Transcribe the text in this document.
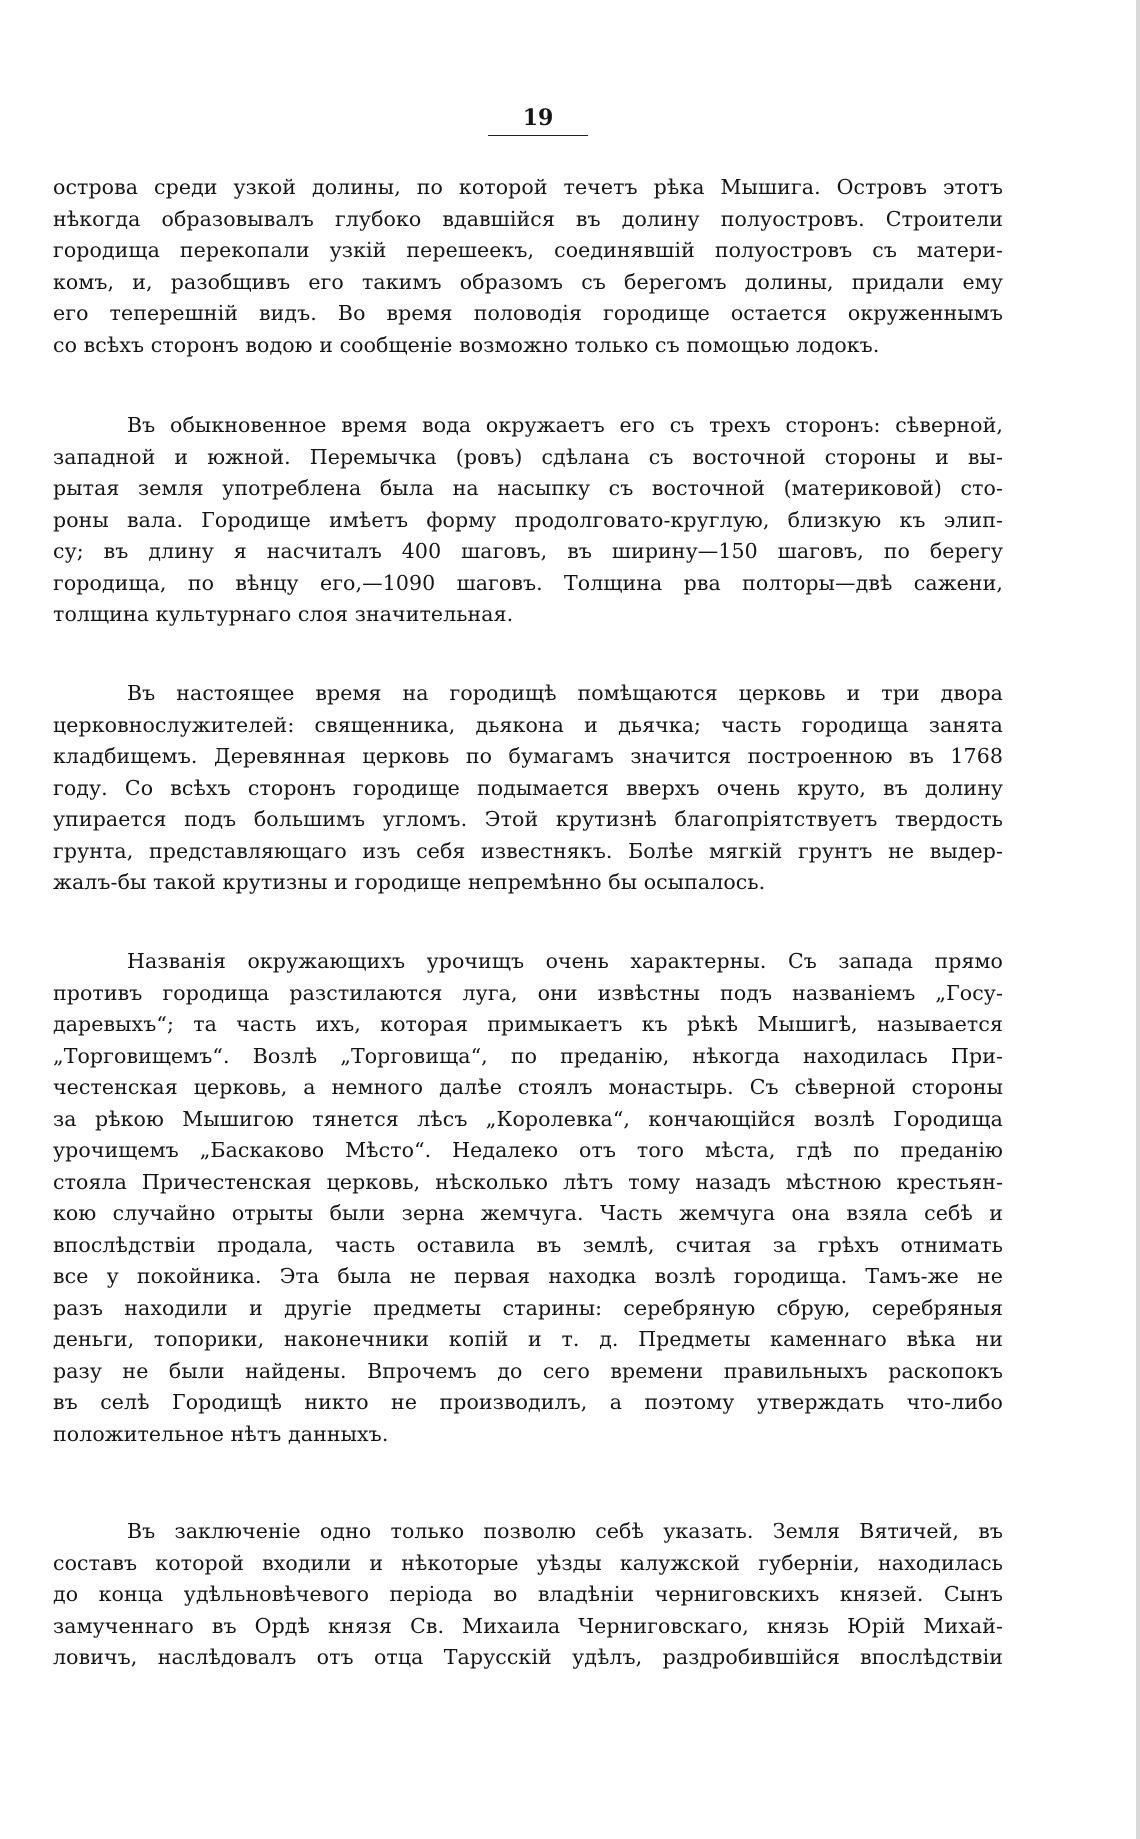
19
острова среди узкой долины, по которой течетъ рѣка Мышига. Островъ этотъ
нѣкогда образовывалъ глубоко вдавшiйся въ долину полуостровъ. Строители
городища перекопали узкiй перешеекъ, соединявшiй полуостровъ съ матери-
комъ, и, разобщивъ его такимъ образомъ съ берегомъ долины, придали ему
его теперешнiй видъ. Во время половодiя городище остается окруженнымъ
со всѣхъ сторонъ водою и сообщенiе возможно только съ помощью лодокъ.
Въ обыкновенное время вода окружаетъ его съ трехъ сторонъ: сѣверной,
западной и южной. Перемычка (ровъ) сдѣлана съ восточной стороны и вы-
рытая земля употреблена была на насыпку съ восточной (материковой) сто-
роны вала. Городище имѣетъ форму продолговато-круглую, близкую къ элип-
су; въ длину я насчиталъ 400 шаговъ, въ ширину—150 шаговъ, по берегу
городища, по вѣнцу его,—1090 шаговъ. Толщина рва полторы—двѣ сажени,
толщина культурнаго слоя значительная.
Въ настоящее время на городищѣ помѣщаются церковь и три двора
церковнослужителей: священника, дьякона и дьячка; часть городища занята
кладбищемъ. Деревянная церковь по бумагамъ значится построенною въ 1768
году. Со всѣхъ сторонъ городище подымается вверхъ очень круто, въ долину
упирается подъ большимъ угломъ. Этой крутизнѣ благопрiятствуетъ твердость
грунта, представляющаго изъ себя известнякъ. Болѣе мягкiй грунтъ не выдер-
жалъ-бы такой крутизны и городище непремѣнно бы осыпалось.
Названiя окружающихъ урочищъ очень характерны. Съ запада прямо
противъ городища разстилаются луга, они извѣстны подъ названiемъ „Госу-
даревыхъ“; та часть ихъ, которая примыкаетъ къ рѣкѣ Мышигѣ, называется
„Торговищемъ“. Возлѣ „Торговища“, по преданiю, нѣкогда находилась При-
честенская церковь, а немного далѣе стоялъ монастырь. Съ сѣверной стороны
за рѣкою Мышигою тянется лѣсъ „Королевка“, кончающiйся возлѣ Городища
урочищемъ „Баскаково Мѣсто“. Недалеко отъ того мѣста, гдѣ по преданiю
стояла Причестенская церковь, нѣсколько лѣтъ тому назадъ мѣстною крестьян-
кою случайно отрыты были зерна жемчуга. Часть жемчуга она взяла себѣ и
впослѣдствiи продала, часть оставила въ землѣ, считая за грѣхъ отнимать
все у покойника. Эта была не первая находка возлѣ городища. Тамъ-же не
разъ находили и другiе предметы старины: серебряную сбрую, серебряныя
деньги, топорики, наконечники копiй и т. д. Предметы каменнаго вѣка ни
разу не были найдены. Впрочемъ до сего времени правильныхъ раскопокъ
въ селѣ Городищѣ никто не производилъ, а поэтому утверждать что-либо
положительное нѣтъ данныхъ.
Въ заключенiе одно только позволю себѣ указать. Земля Вятичей, въ
составъ которой входили и нѣкоторые уѣзды калужской губернiи, находилась
до конца удѣльновѣчевого перiода во владѣнiи черниговскихъ князей. Сынъ
замученнаго въ Ордѣ князя Св. Михаила Черниговскаго, князь Юрiй Михай-
ловичъ, наслѣдовалъ отъ отца Тарусскiй удѣлъ, раздробившiйся впослѣдствiи
